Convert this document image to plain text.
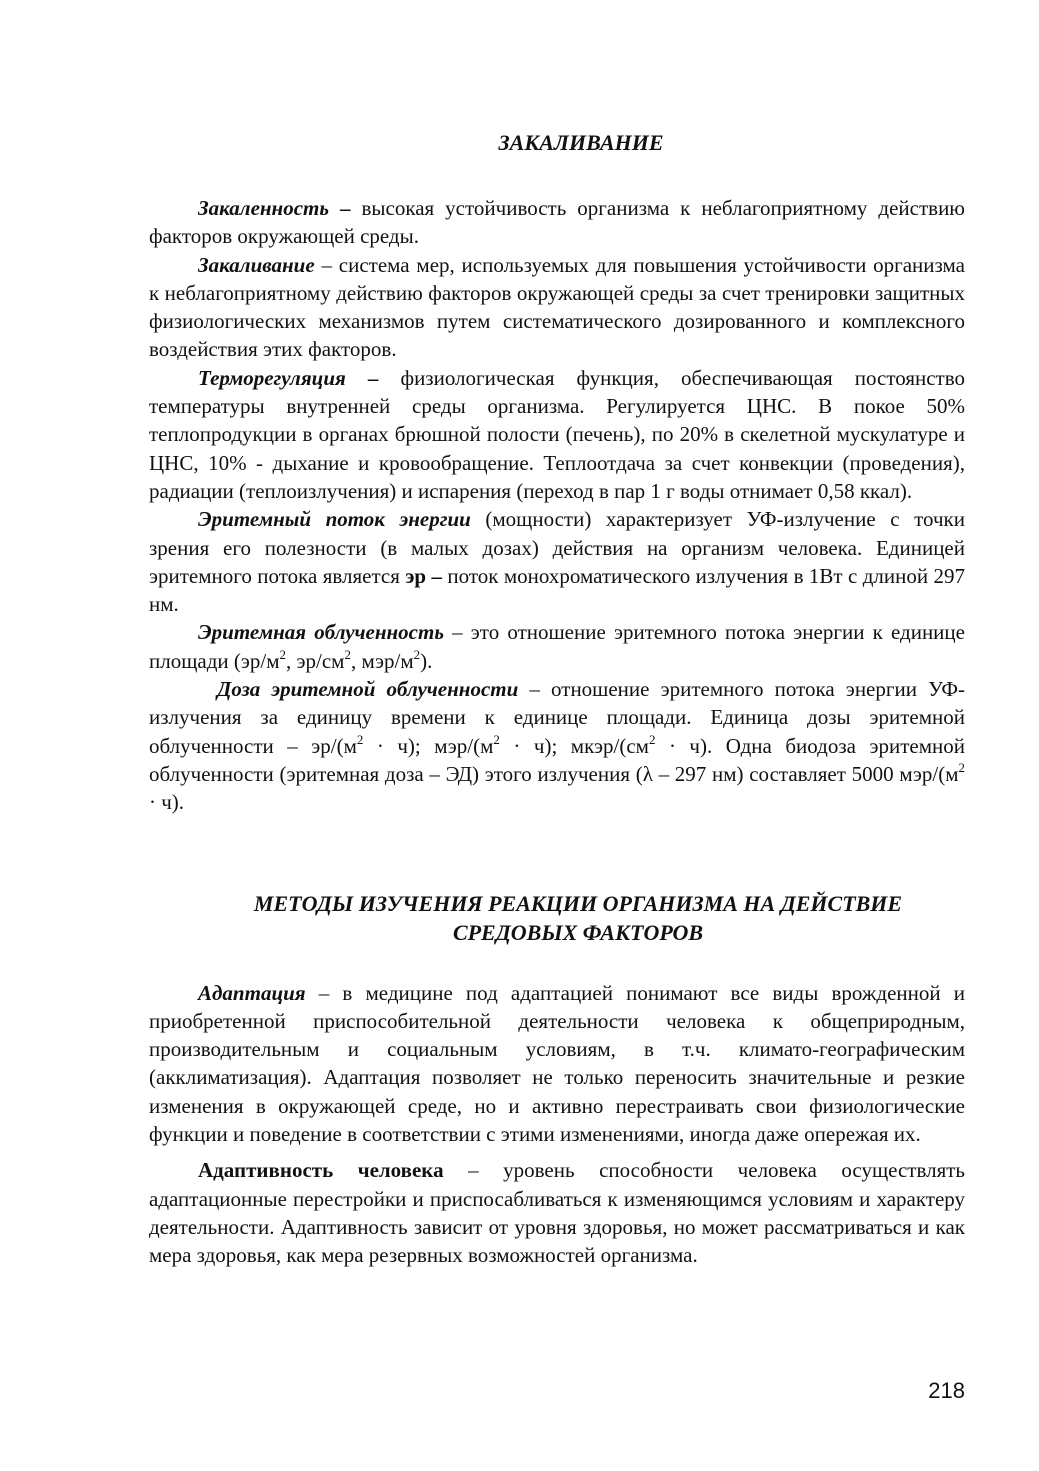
ЗАКАЛИВАНИЕ

Закаленность – высокая устойчивость организма к неблагоприятному действию факторов окружающей среды.

Закаливание – система мер, используемых для повышения устойчивости организма к неблагоприятному действию факторов окружающей среды за счет тренировки защитных физиологических механизмов путем систематического дозированного и комплексного воздействия этих факторов.

Терморегуляция – физиологическая функция, обеспечивающая постоянство температуры внутренней среды организма. Регулируется ЦНС. В покое 50% теплопродукции в органах брюшной полости (печень), по 20% в скелетной мускулатуре и ЦНС, 10% - дыхание и кровообращение. Теплоотдача за счет конвекции (проведения), радиации (теплоизлучения) и испарения (переход в пар 1 г воды отнимает 0,58 ккал).

Эритемный поток энергии (мощности) характеризует УФ-излучение с точки зрения его полезности (в малых дозах) действия на организм человека. Единицей эритемного потока является эр – поток монохроматического излучения в 1Вт с длиной 297 нм.

Эритемная облученность – это отношение эритемного потока энергии к единице площади ($эр/м^2$, $эр/см^2$, мэр/$м^2$).

Доза эритемной облученности – отношение эритемного потока энергии УФ-излучения за единицу времени к единице площади. Единица дозы эритемной облученности – $эр/(м^2 \cdot ч)$; мэр/$(м^2 \cdot ч)$; мкэр/$(см^2 \cdot ч)$. Одна биодоза эритемной облученности (эритемная доза – ЭД) этого излучения (λ – 297 нм) составляет 5000 мэр/$(м^2 \cdot ч)$.

МЕТОДЫ ИЗУЧЕНИЯ РЕАКЦИИ ОРГАНИЗМА НА ДЕЙСТВИЕ
СРЕДОВЫХ ФАКТОРОВ

Адаптация – в медицине под адаптацией понимают все виды врожденной и приобретенной приспособительной деятельности человека к общеприродным, производительным и социальным условиям, в т.ч. климато-географическим (акклиматизация). Адаптация позволяет не только переносить значительные и резкие изменения в окружающей среде, но и активно перестраивать свои физиологические функции и поведение в соответствии с этими изменениями, иногда даже опережая их.

Адаптивность человека – уровень способности человека осуществлять адаптационные перестройки и приспосабливаться к изменяющимся условиям и характеру деятельности. Адаптивность зависит от уровня здоровья, но может рассматриваться и как мера здоровья, как мера резервных возможностей организма.

218
